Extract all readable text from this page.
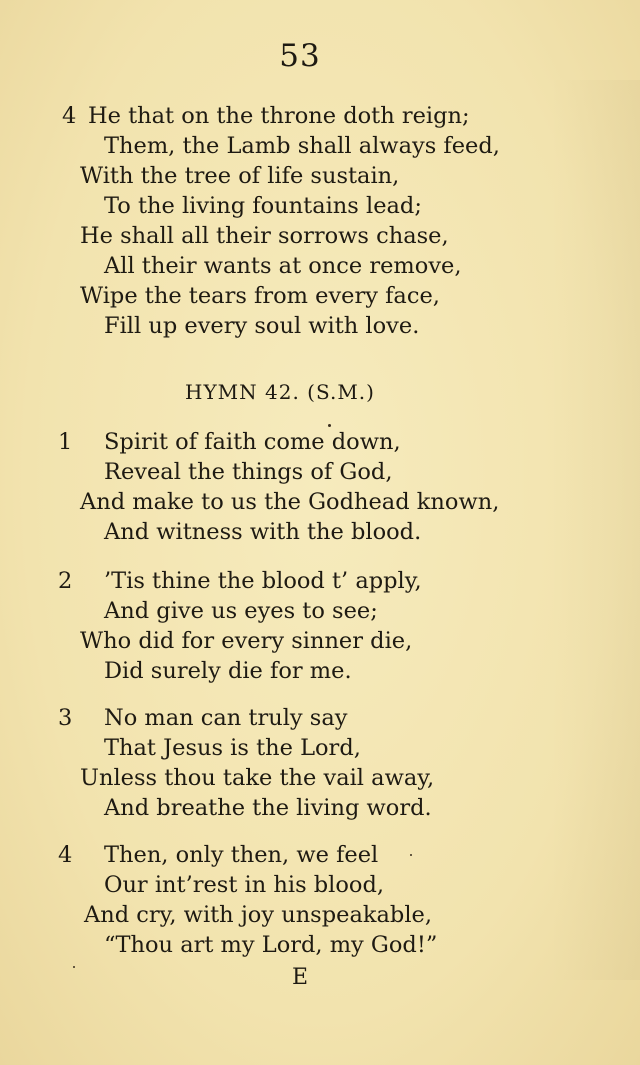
53
4 He that on the throne doth reign;
Them, the Lamb shall always feed,
With the tree of life sustain,
To the living fountains lead;
He shall all their sorrows chase,
All their wants at once remove,
Wipe the tears from every face,
Fill up every soul with love.
HYMN 42. (S.M.)
1 Spirit of faith come down,
Reveal the things of God,
And make to us the Godhead known,
And witness with the blood.
2 ’Tis thine the blood t’ apply,
And give us eyes to see;
Who did for every sinner die,
Did surely die for me.
3 No man can truly say
That Jesus is the Lord,
Unless thou take the vail away,
And breathe the living word.
4 Then, only then, we feel
Our int’rest in his blood,
And cry, with joy unspeakable,
“Thou art my Lord, my God!”
E
